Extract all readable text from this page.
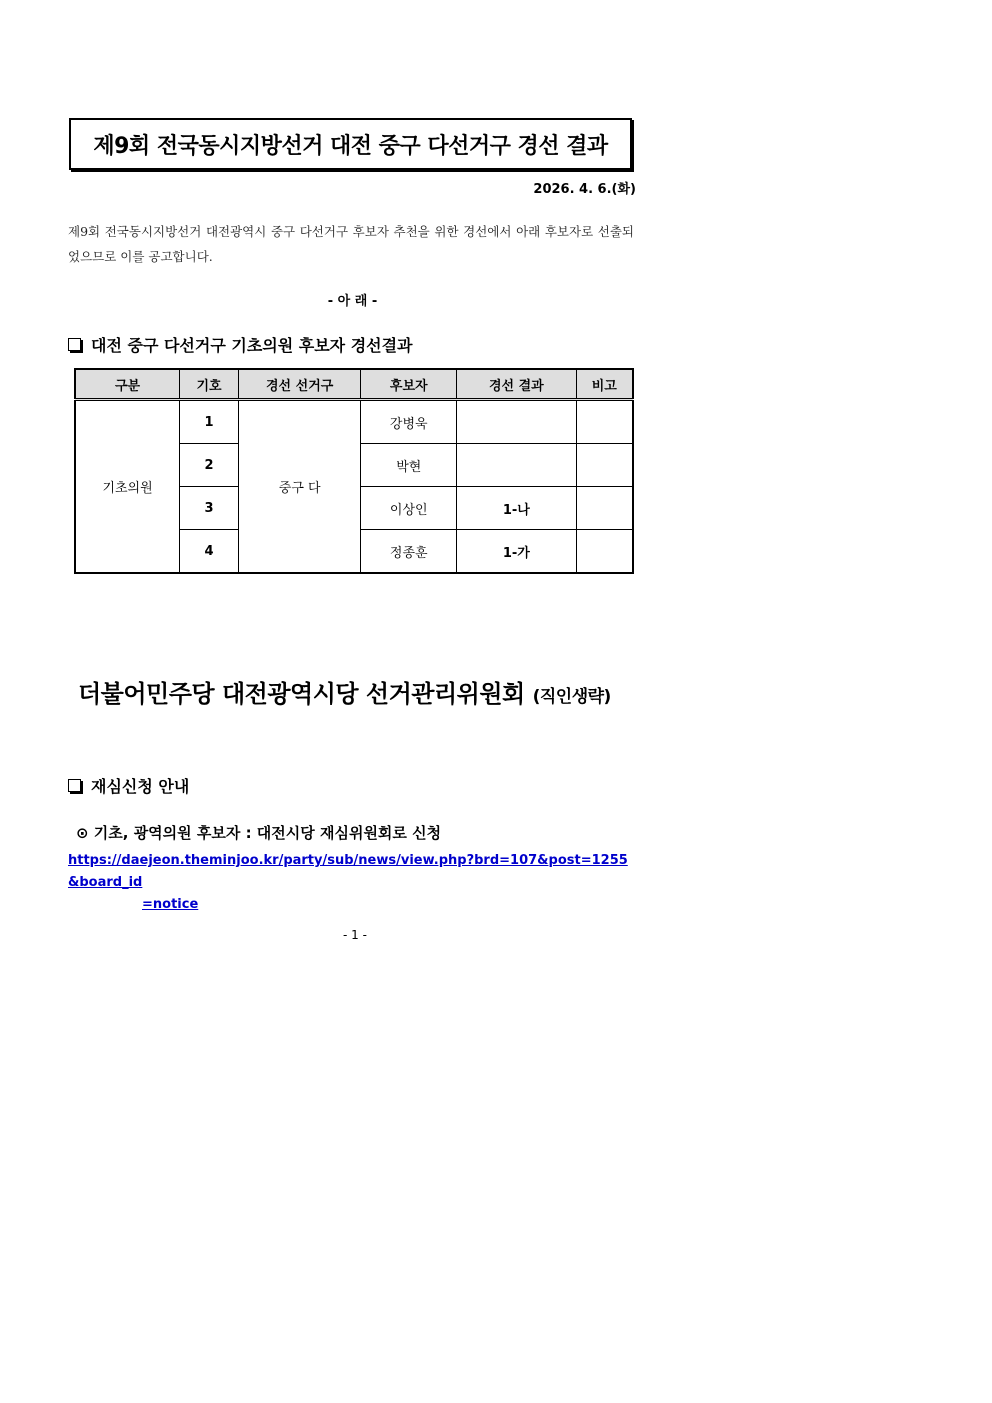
제9회 전국동시지방선거 대전 중구 다선거구 경선 결과
2026. 4. 6.(화)
제9회 전국동시지방선거 대전광역시 중구 다선거구 후보자 추천을 위한 경선에서 아래 후보자로 선출되었으므로 이를 공고합니다.
- 아 래 -
대전 중구 다선거구 기초의원 후보자 경선결과
구분	기호	경선 선거구	후보자	경선 결과	비고
기초의원	1	중구 다	강병욱		
	2		박현		
	3		이상인	1-나	
	4		정종훈	1-가	
더불어민주당 대전광역시당 선거관리위원회 (직인생략)
재심신청 안내
⊙ 기초, 광역의원 후보자 : 대전시당 재심위원회로 신청
https://daejeon.theminjoo.kr/party/sub/news/view.php?brd=107&post=1255&board_id
=notice
- 1 -
